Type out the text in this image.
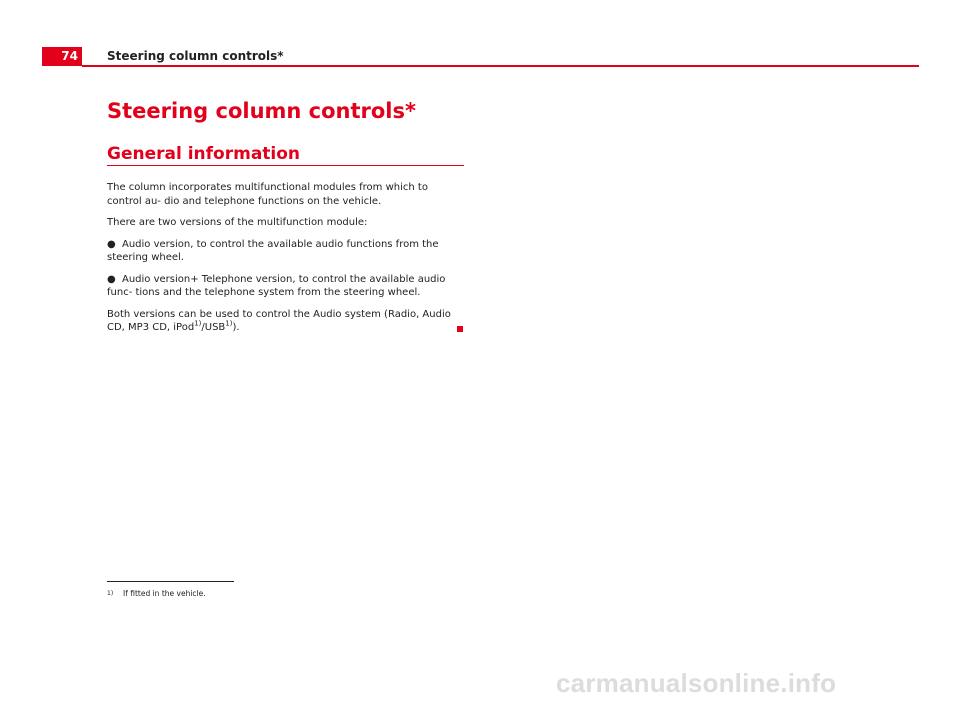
74	Steering column controls*
Steering column controls*
General information

The column incorporates multifunctional modules from which to control au- dio and telephone functions on the vehicle.

There are two versions of the multifunction module:

● Audio version, to control the available audio functions from the steering wheel.

● Audio version+ Telephone version, to control the available audio func- tions and the telephone system from the steering wheel.

Both versions can be used to control the Audio system (Radio, Audio CD, MP3 CD, iPod$^{1)}$/USB$^{1)}$).

1) If fitted in the vehicle.
carmanualsonline.info
